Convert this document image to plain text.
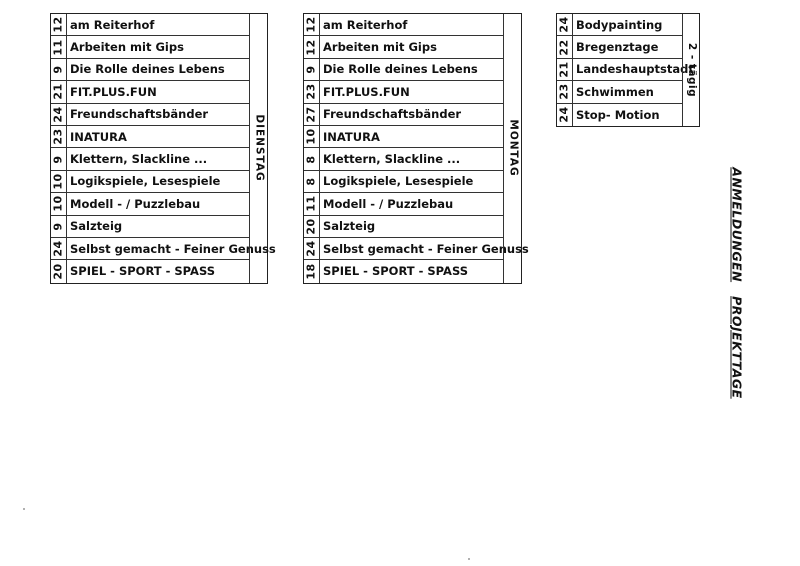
12 am Reiterhof
11 Arbeiten mit Gips
9 Die Rolle deines Lebens
21 FIT.PLUS.FUN
24 Freundschaftsbänder
23 INATURA
9 Klettern, Slackline ...
10 Logikspiele, Lesespiele
10 Modell - / Puzzlebau
9 Salzteig
24 Selbst gemacht - Feiner Genuss
20 SPIEL - SPORT - SPASS
DIENSTAG
12 am Reiterhof
12 Arbeiten mit Gips
9 Die Rolle deines Lebens
23 FIT.PLUS.FUN
27 Freundschaftsbänder
10 INATURA
8 Klettern, Slackline ...
8 Logikspiele, Lesespiele
11 Modell - / Puzzlebau
20 Salzteig
24 Selbst gemacht - Feiner Genuss
18 SPIEL - SPORT - SPASS
MONTAG
24 Bodypainting
22 Bregenztage
21 Landeshauptstadt
23 Schwimmen
24 Stop- Motion
2 - tägig
ANMELDUNGENPROJEKTTAGE
